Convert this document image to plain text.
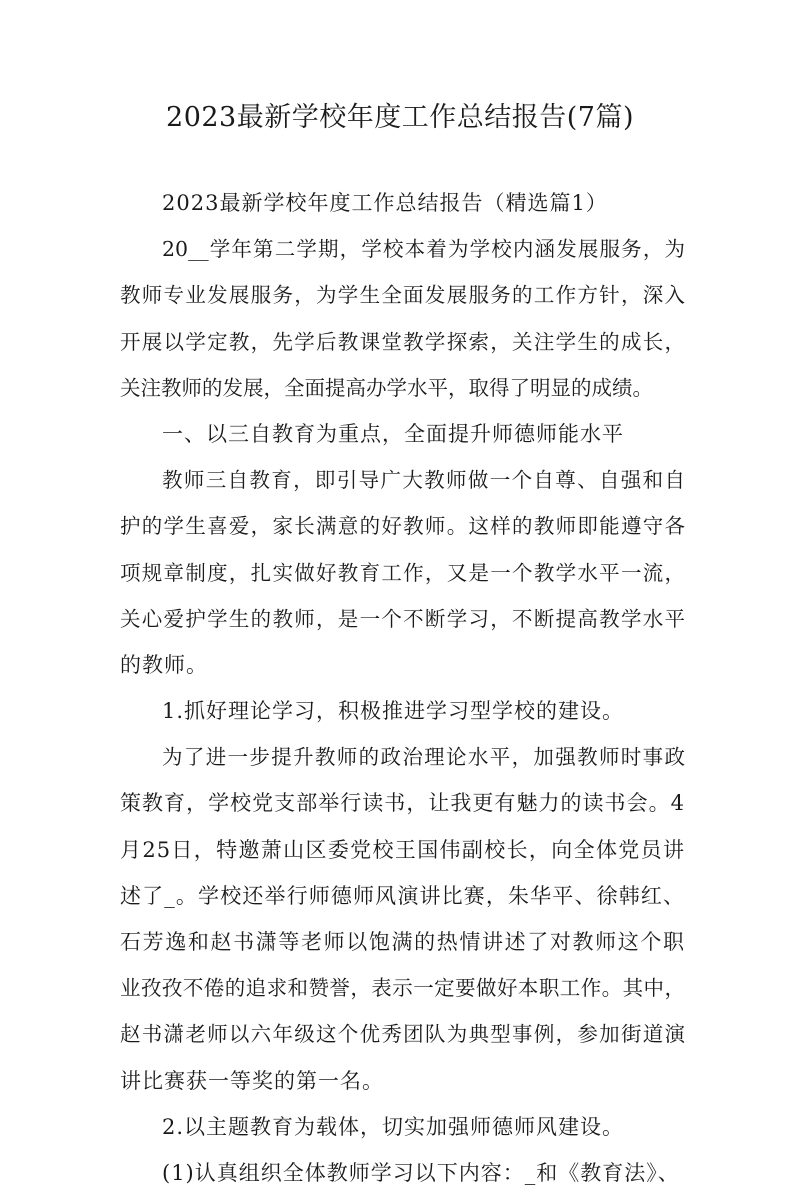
2023最新学校年度工作总结报告(7篇)
2023最新学校年度工作总结报告（精选篇1）
20__学年第二学期，学校本着为学校内涵发展服务，为
教师专业发展服务，为学生全面发展服务的工作方针，深入
开展以学定教，先学后教课堂教学探索，关注学生的成长，
关注教师的发展，全面提高办学水平，取得了明显的成绩。
一、以三自教育为重点，全面提升师德师能水平
教师三自教育，即引导广大教师做一个自尊、自强和自
护的学生喜爱，家长满意的好教师。这样的教师即能遵守各
项规章制度，扎实做好教育工作，又是一个教学水平一流，
关心爱护学生的教师，是一个不断学习，不断提高教学水平
的教师。
1.抓好理论学习，积极推进学习型学校的建设。
为了进一步提升教师的政治理论水平，加强教师时事政
策教育，学校党支部举行读书，让我更有魅力的读书会。4
月25日，特邀萧山区委党校王国伟副校长，向全体党员讲
述了_。学校还举行师德师风演讲比赛，朱华平、徐韩红、
石芳逸和赵书潇等老师以饱满的热情讲述了对教师这个职
业孜孜不倦的追求和赞誉，表示一定要做好本职工作。其中，
赵书潇老师以六年级这个优秀团队为典型事例，参加街道演
讲比赛获一等奖的第一名。
2.以主题教育为载体，切实加强师德师风建设。
(1)认真组织全体教师学习以下内容：_和《教育法》、
